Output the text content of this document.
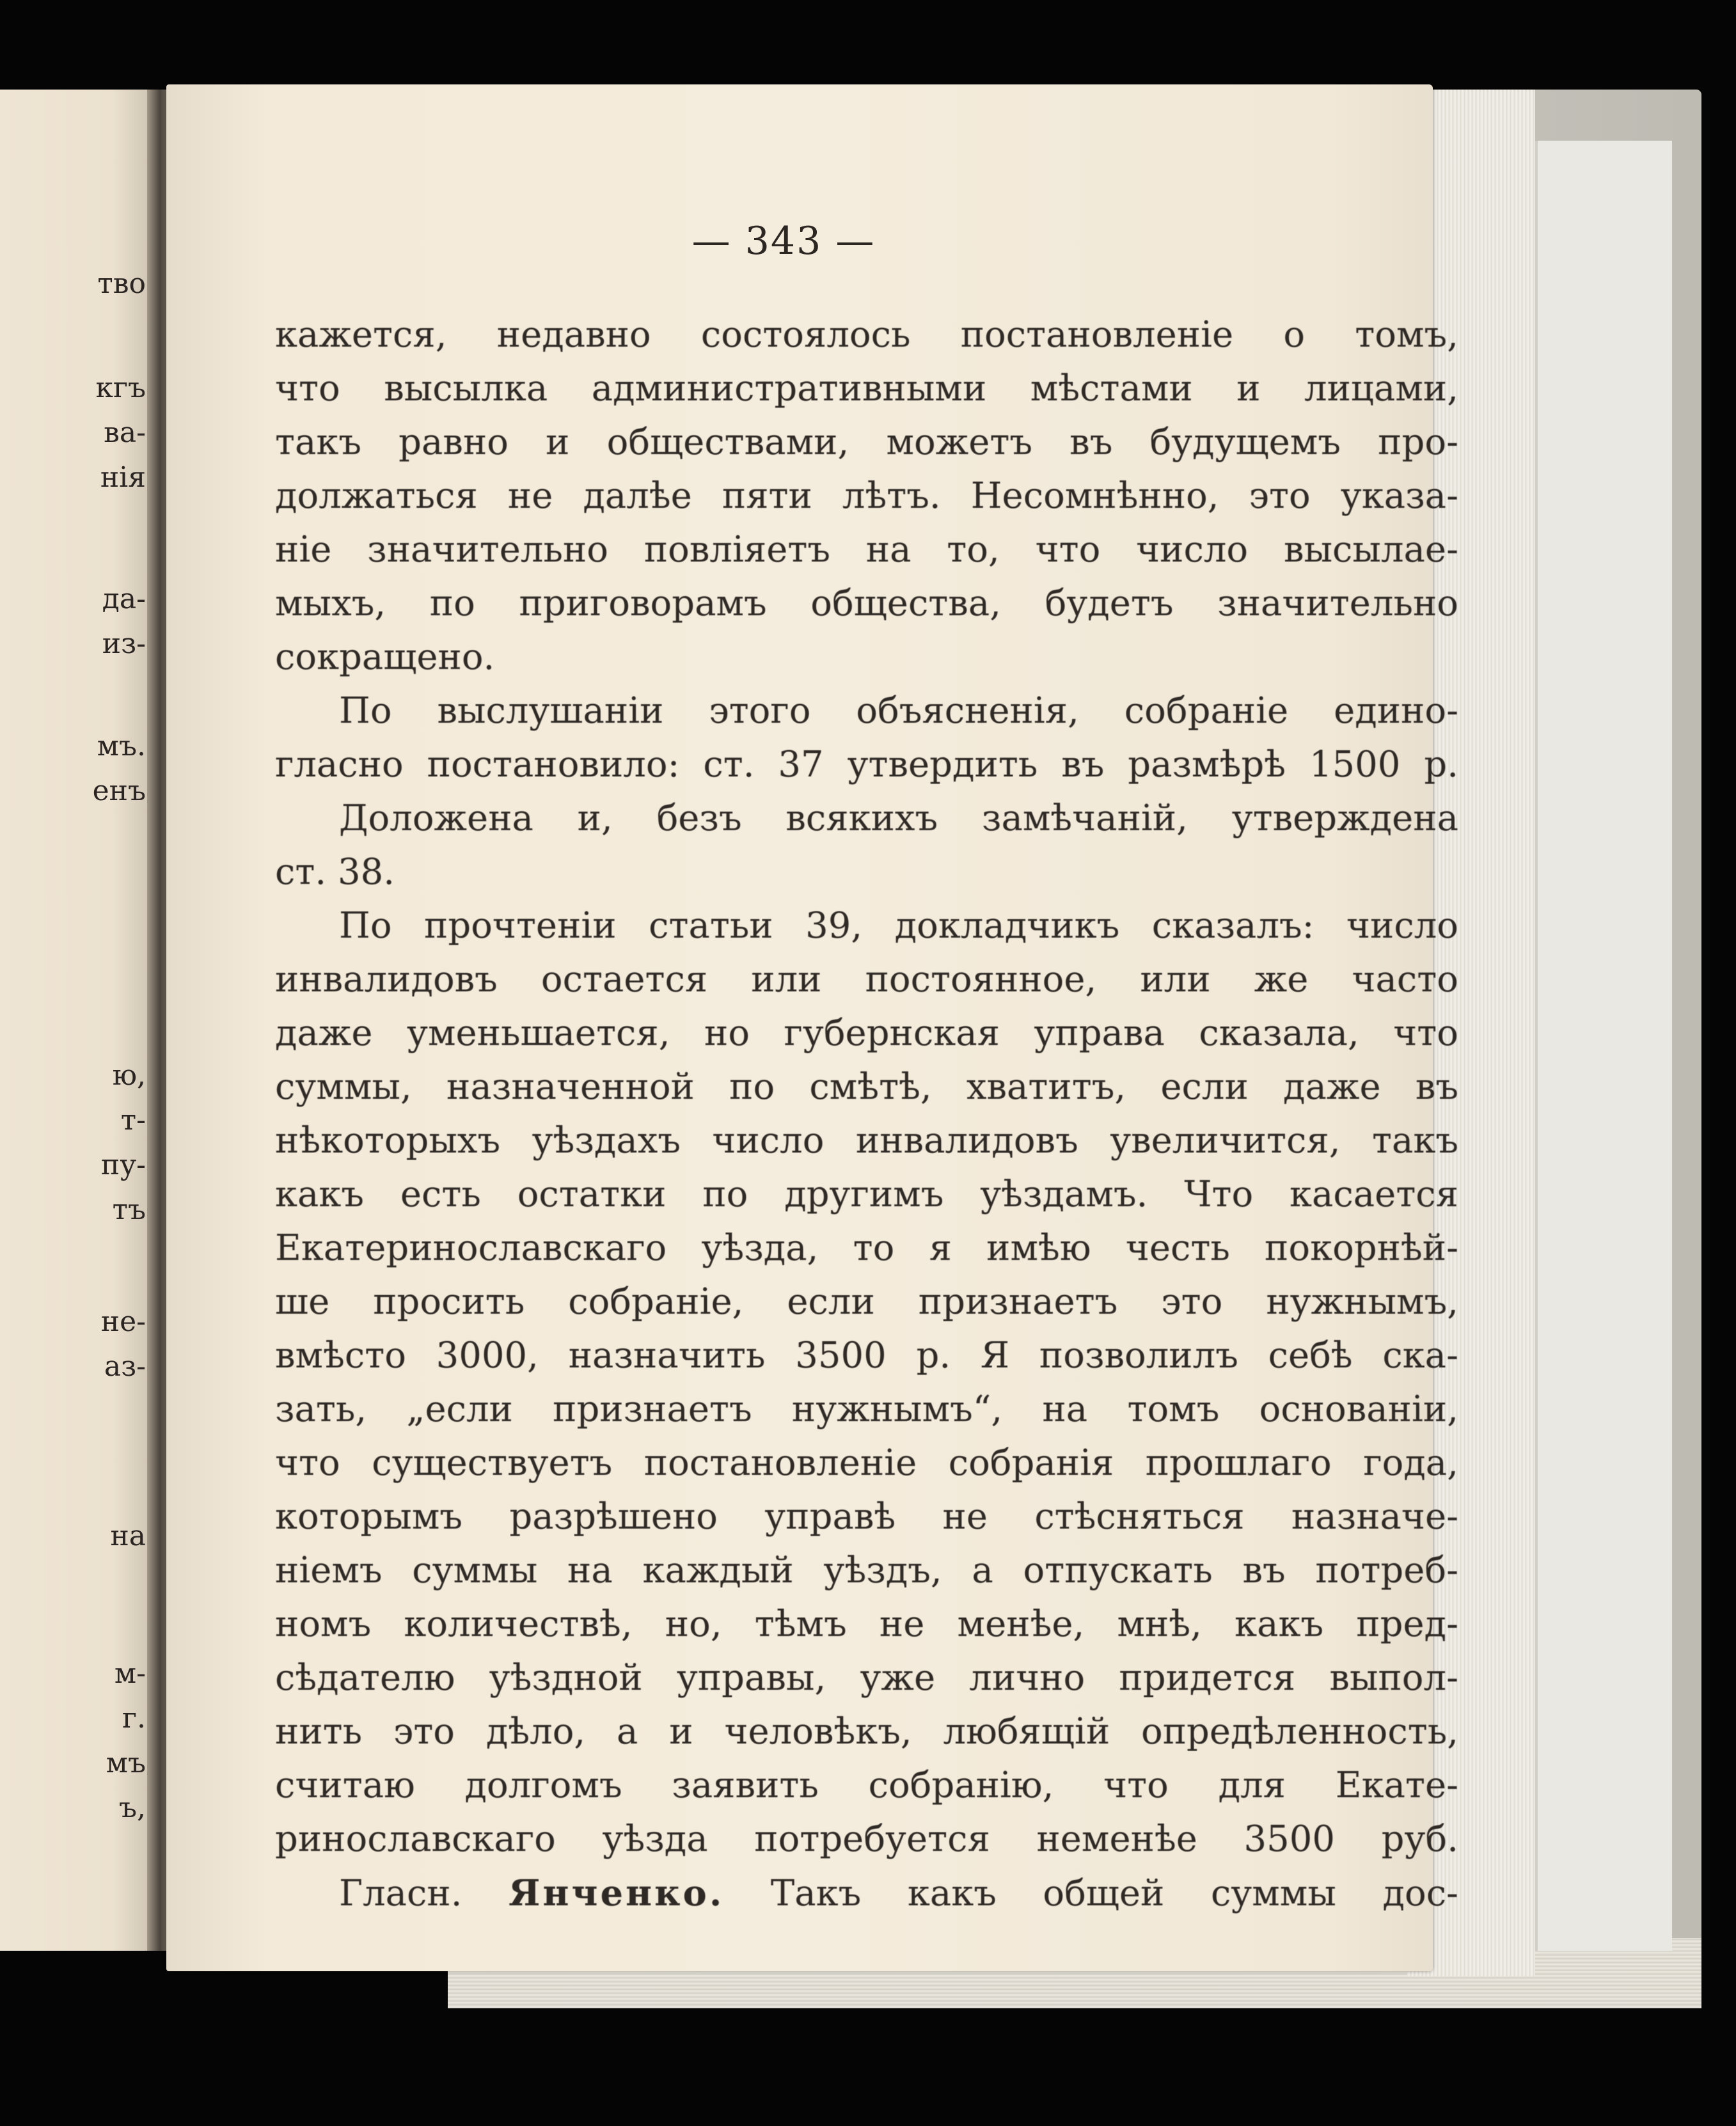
тво
кгъ
ва-
нія
да-
из-
мъ.
енъ
ю,
т-
пу-
тъ
не-
аз-
на
м-
г.
мъ
ъ,
— 343 —
кажется, недавно состоялось постановленіе о томъ,
что высылка административными мѣстами и лицами,
такъ равно и обществами, можетъ въ будущемъ про-
должаться не далѣе пяти лѣтъ. Несомнѣнно, это указа-
ніе значительно повліяетъ на то, что число высылае-
мыхъ, по приговорамъ общества, будетъ значительно
сокращено.
По выслушаніи этого объясненія, собраніе едино-
гласно постановило: ст. 37 утвердить въ размѣрѣ 1500 р.
Доложена и, безъ всякихъ замѣчаній, утверждена
ст. 38.
По прочтеніи статьи 39, докладчикъ сказалъ: число
инвалидовъ остается или постоянное, или же часто
даже уменьшается, но губернская управа сказала, что
суммы, назначенной по смѣтѣ, хватитъ, если даже въ
нѣкоторыхъ уѣздахъ число инвалидовъ увеличится, такъ
какъ есть остатки по другимъ уѣздамъ. Что касается
Екатеринославскаго уѣзда, то я имѣю честь покорнѣй-
ше просить собраніе, если признаетъ это нужнымъ,
вмѣсто 3000, назначить 3500 р. Я позволилъ себѣ ска-
зать, „если признаетъ нужнымъ“, на томъ основаніи,
что существуетъ постановленіе собранія прошлаго года,
которымъ разрѣшено управѣ не стѣсняться назначе-
ніемъ суммы на каждый уѣздъ, а отпускать въ потреб-
номъ количествѣ, но, тѣмъ не менѣе, мнѣ, какъ пред-
сѣдателю уѣздной управы, уже лично придется выпол-
нить это дѣло, а и человѣкъ, любящій опредѣленность,
считаю долгомъ заявить собранію, что для Екате-
ринославскаго уѣзда потребуется неменѣе 3500 руб.
Гласн. Янченко. Такъ какъ общей суммы дос-
